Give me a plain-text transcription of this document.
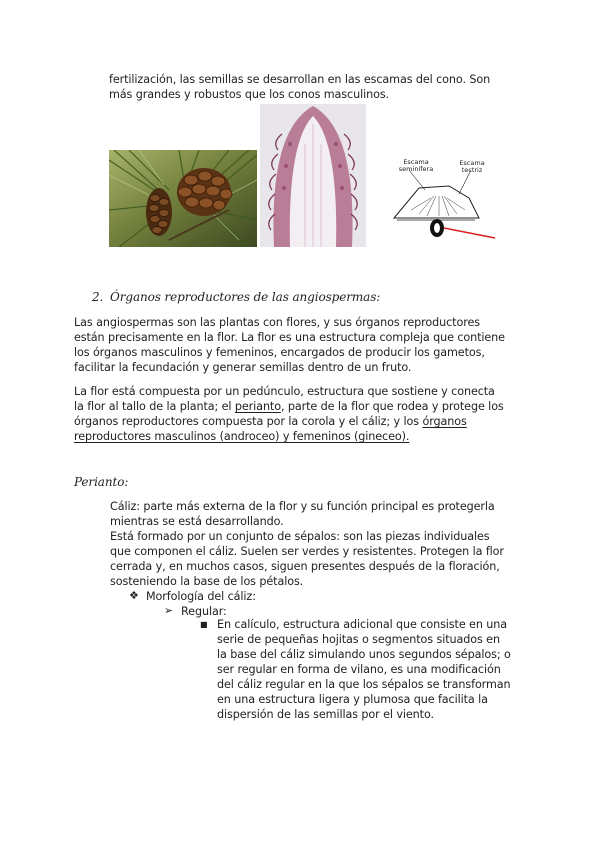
fertilización, las semillas se desarrollan en las escamas del cono. Son
más grandes y robustos que los conos masculinos.
Escama
seminífera
Escama
tectriz
2. Órganos reproductores de las angiospermas:
Las angiospermas son las plantas con flores, y sus órganos reproductores
están precisamente en la flor. La flor es una estructura compleja que contiene
los órganos masculinos y femeninos, encargados de producir los gametos,
facilitar la fecundación y generar semillas dentro de un fruto.
La flor está compuesta por un pedúnculo, estructura que sostiene y conecta
la flor al tallo de la planta; el perianto, parte de la flor que rodea y protege los
órganos reproductores compuesta por la corola y el cáliz; y los órganos
reproductores masculinos (androceo) y femeninos (gineceo).
Perianto:
Cáliz: parte más externa de la flor y su función principal es protegerla
mientras se está desarrollando.
Está formado por un conjunto de sépalos: son las piezas individuales
que componen el cáliz. Suelen ser verdes y resistentes. Protegen la flor
cerrada y, en muchos casos, siguen presentes después de la floración,
sosteniendo la base de los pétalos.
❖ Morfología del cáliz:
➢ Regular:
■ En calículo, estructura adicional que consiste en una
serie de pequeñas hojitas o segmentos situados en
la base del cáliz simulando unos segundos sépalos; o
ser regular en forma de vilano, es una modificación
del cáliz regular en la que los sépalos se transforman
en una estructura ligera y plumosa que facilita la
dispersión de las semillas por el viento.
